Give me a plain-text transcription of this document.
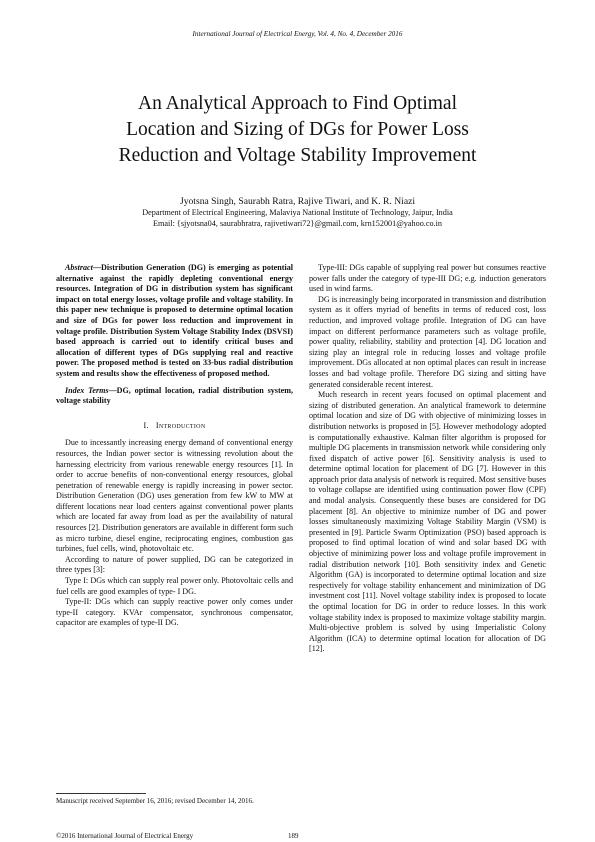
International Journal of Electrical Energy, Vol. 4, No. 4, December 2016
An Analytical Approach to Find Optimal
Location and Sizing of DGs for Power Loss
Reduction and Voltage Stability Improvement
Jyotsna Singh, Saurabh Ratra, Rajive Tiwari, and K. R. Niazi
Department of Electrical Engineering, Malaviya National Institute of Technology, Jaipur, India
Email: {sjyotsna04, saurabhratra, rajivetiwari72}@gmail.com, krn152001@yahoo.co.in

Abstract—Distribution Generation (DG) is emerging as potential alternative against the rapidly depleting conventional energy resources. Integration of DG in distribution system has significant impact on total energy losses, voltage profile and voltage stability. In this paper new technique is proposed to determine optimal location and size of DGs for power loss reduction and improvement in voltage profile. Distribution System Voltage Stability Index (DSVSI) based approach is carried out to identify critical buses and allocation of different types of DGs supplying real and reactive power. The proposed method is tested on 33-bus radial distribution system and results show the effectiveness of proposed method.

Index Terms—DG, optimal location, radial distribution system, voltage stability

I. Introduction

Due to incessantly increasing energy demand of conventional energy resources, the Indian power sector is witnessing revolution about the harnessing electricity from various renewable energy resources [1]. In order to accrue benefits of non-conventional energy resources, global penetration of renewable energy is rapidly increasing in power sector. Distribution Generation (DG) uses generation from few kW to MW at different locations near load centers against conventional power plants which are located far away from load as per the availability of natural resources [2]. Distribution generators are available in different form such as micro turbine, diesel engine, reciprocating engines, combustion gas turbines, fuel cells, wind, photovoltaic etc.

According to nature of power supplied, DG can be categorized in three types [3]:

Type I: DGs which can supply real power only. Photovoltaic cells and fuel cells are good examples of type- I DG.

Type-II: DGs which can supply reactive power only comes under type-II category. KVAr compensator, synchronous compensator, capacitor are examples of type-II DG.

Type-III: DGs capable of supplying real power but consumes reactive power falls under the category of type-III DG; e.g. induction generators used in wind farms.

DG is increasingly being incorporated in transmission and distribution system as it offers myriad of benefits in terms of reduced cost, loss reduction, and improved voltage profile. Integration of DG can have impact on different performance parameters such as voltage profile, power quality, reliability, stability and protection [4]. DG location and sizing play an integral role in reducing losses and voltage profile improvement. DGs allocated at non optimal places can result in increase losses and bad voltage profile. Therefore DG sizing and sitting have generated considerable recent interest.

Much research in recent years focused on optimal placement and sizing of distributed generation. An analytical framework to determine optimal location and size of DG with objective of minimizing losses in distribution networks is proposed in [5]. However methodology adopted is computationally exhaustive. Kalman filter algorithm is proposed for multiple DG placements in transmission network while considering only fixed dispatch of active power [6]. Sensitivity analysis is used to determine optimal location for placement of DG [7]. However in this approach prior data analysis of network is required. Most sensitive buses to voltage collapse are identified using continuation power flow (CPF) and modal analysis. Consequently these buses are considered for DG placement [8]. An objective to minimize number of DG and power losses simultaneously maximizing Voltage Stability Margin (VSM) is presented in [9]. Particle Swarm Optimization (PSO) based approach is proposed to find optimal location of wind and solar based DG with objective of minimizing power loss and voltage profile improvement in radial distribution network [10]. Both sensitivity index and Genetic Algorithm (GA) is incorporated to determine optimal location and size respectively for voltage stability enhancement and minimization of DG investment cost [11]. Novel voltage stability index is proposed to locate the optimal location for DG in order to reduce losses. In this work voltage stability index is proposed to maximize voltage stability margin. Multi-objective problem is solved by using Imperialistic Colony Algorithm (ICA) to determine optimal location for allocation of DG [12].

Manuscript received September 16, 2016; revised December 14, 2016.
©2016 International Journal of Electrical Energy	189
